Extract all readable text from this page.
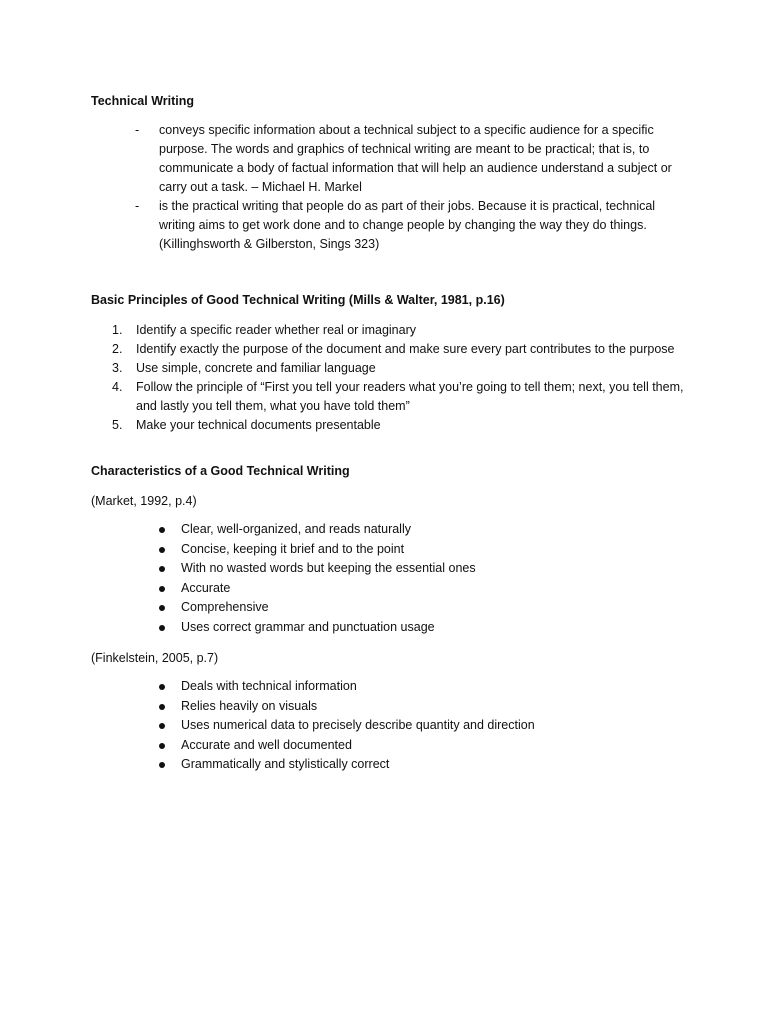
Technical Writing
- conveys specific information about a technical subject to a specific audience for a specific purpose. The words and graphics of technical writing are meant to be practical; that is, to communicate a body of factual information that will help an audience understand a subject or carry out a task. – Michael H. Markel
- is the practical writing that people do as part of their jobs. Because it is practical, technical writing aims to get work done and to change people by changing the way they do things. (Killinghsworth & Gilberston, Sings 323)
Basic Principles of Good Technical Writing (Mills & Walter, 1981, p.16)
1. Identify a specific reader whether real or imaginary
2. Identify exactly the purpose of the document and make sure every part contributes to the purpose
3. Use simple, concrete and familiar language
4. Follow the principle of “First you tell your readers what you’re going to tell them; next, you tell them, and lastly you tell them, what you have told them”
5. Make your technical documents presentable
Characteristics of a Good Technical Writing
(Market, 1992, p.4)
Clear, well-organized, and reads naturally
Concise, keeping it brief and to the point
With no wasted words but keeping the essential ones
Accurate
Comprehensive
Uses correct grammar and punctuation usage
(Finkelstein, 2005, p.7)
Deals with technical information
Relies heavily on visuals
Uses numerical data to precisely describe quantity and direction
Accurate and well documented
Grammatically and stylistically correct
